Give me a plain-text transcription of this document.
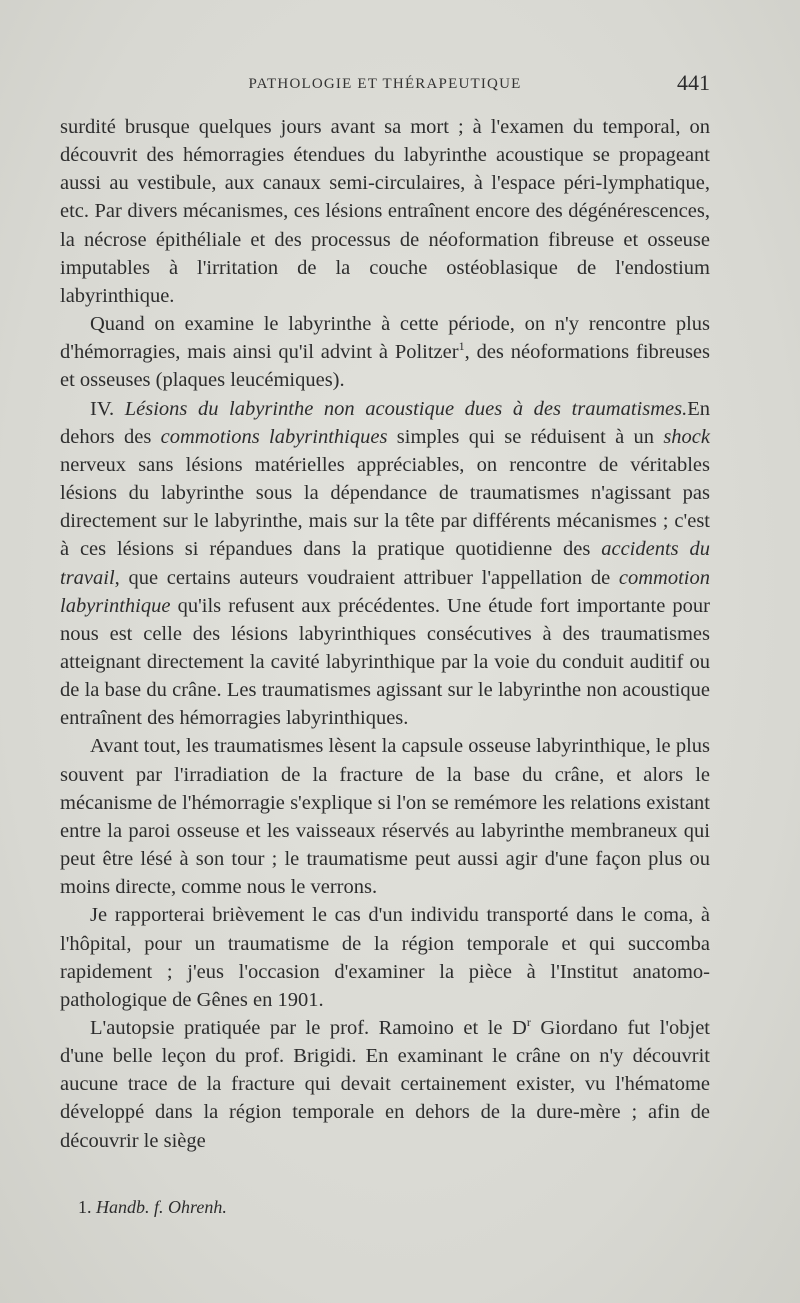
PATHOLOGIE ET THÉRAPEUTIQUE	441

surdité brusque quelques jours avant sa mort ; à l'examen du temporal, on découvrit des hémorragies étendues du labyrinthe acoustique se propageant aussi au vestibule, aux canaux semi-circulaires, à l'espace péri-lymphatique, etc. Par divers mécanismes, ces lésions entraînent encore des dégénérescences, la nécrose épithéliale et des processus de néoformation fibreuse et osseuse imputables à l'irritation de la couche ostéoblasique de l'endostium labyrinthique.

Quand on examine le labyrinthe à cette période, on n'y rencontre plus d'hémorragies, mais ainsi qu'il advint à Politzer$^1$, des néoformations fibreuses et osseuses (plaques leucémiques).

IV. Lésions du labyrinthe non acoustique dues à des traumatismes.En dehors des commotions labyrinthiques simples qui se réduisent à un shock nerveux sans lésions matérielles appréciables, on rencontre de véritables lésions du labyrinthe sous la dépendance de traumatismes n'agissant pas directement sur le labyrinthe, mais sur la tête par différents mécanismes ; c'est à ces lésions si répandues dans la pratique quotidienne des accidents du travail, que certains auteurs voudraient attribuer l'appellation de commotion labyrinthique qu'ils refusent aux précédentes. Une étude fort importante pour nous est celle des lésions labyrinthiques consécutives à des traumatismes atteignant directement la cavité labyrinthique par la voie du conduit auditif ou de la base du crâne. Les traumatismes agissant sur le labyrinthe non acoustique entraînent des hémorragies labyrinthiques.

Avant tout, les traumatismes lèsent la capsule osseuse labyrinthique, le plus souvent par l'irradiation de la fracture de la base du crâne, et alors le mécanisme de l'hémorragie s'explique si l'on se remémore les relations existant entre la paroi osseuse et les vaisseaux réservés au labyrinthe membraneux qui peut être lésé à son tour ; le traumatisme peut aussi agir d'une façon plus ou moins directe, comme nous le verrons.

Je rapporterai brièvement le cas d'un individu transporté dans le coma, à l'hôpital, pour un traumatisme de la région temporale et qui succomba rapidement ; j'eus l'occasion d'examiner la pièce à l'Institut anatomo-pathologique de Gênes en 1901.

L'autopsie pratiquée par le prof. Ramoino et le $D^r$ Giordano fut l'objet d'une belle leçon du prof. Brigidi. En examinant le crâne on n'y découvrit aucune trace de la fracture qui devait certainement exister, vu l'hématome développé dans la région temporale en dehors de la dure-mère ; afin de découvrir le siège

1. Handb. f. Ohrenh.
